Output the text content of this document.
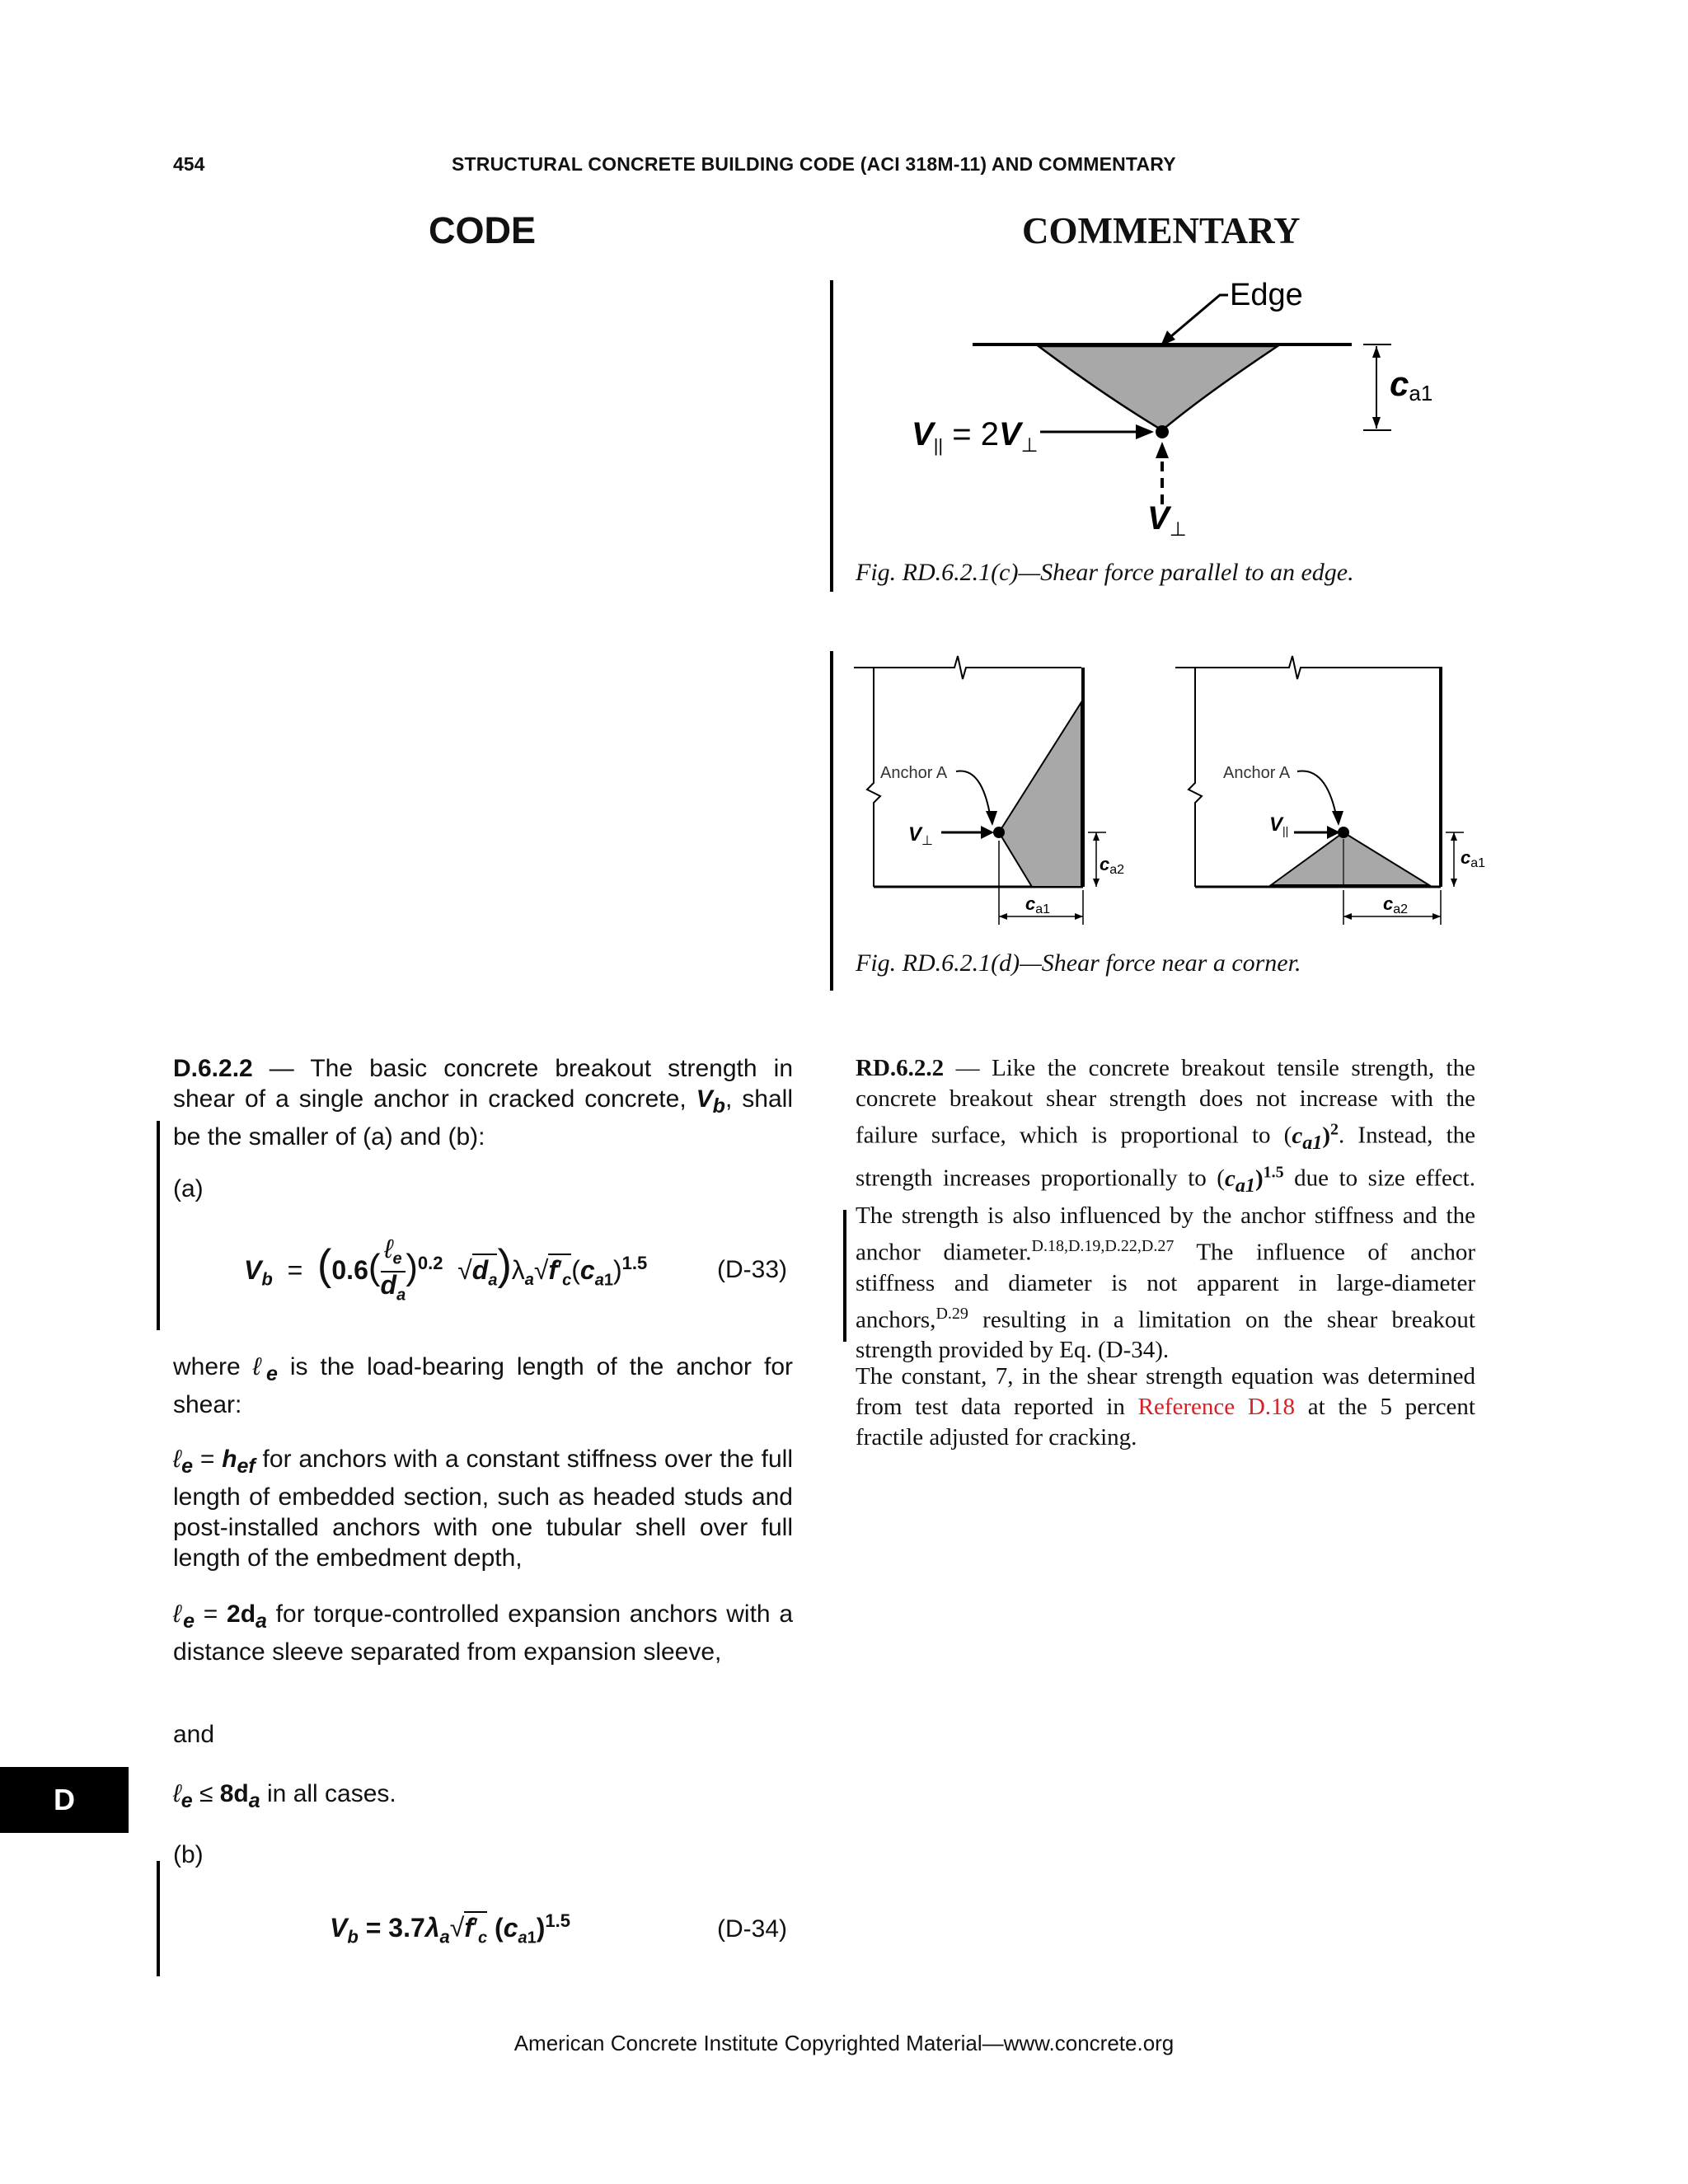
454	STRUCTURAL CONCRETE BUILDING CODE (ACI 318M-11) AND COMMENTARY
CODE	COMMENTARY
Edge
$V_{||} = 2V_\perp$
$V_\perp$
ca1
Fig. RD.6.2.1(c)—Shear force parallel to an edge.
Anchor A
$V_\perp$
ca2
ca1
Anchor A
$V_{||}$
ca1
ca2
Fig. RD.6.2.1(d)—Shear force near a corner.
D.6.2.2 — The basic concrete breakout strength in shear of a single anchor in cracked concrete, $V_b$, shall be the smaller of (a) and (b):
(a)
$V_b = (0.6$( ℓ$_e$
$d_a$
)$^{0.2}$  $√d_a)\lambda_a√f'_c(c_{a1})^{1.5}$	(D-33)
where ℓ$_e$ is the load-bearing length of the anchor for shear:
ℓ$_e$ = $h_{ef}$ for anchors with a constant stiffness over the full length of embedded section, such as headed studs and post-installed anchors with one tubular shell over full length of the embedment depth,
ℓ$_e$ = $2d_a$ for torque-controlled expansion anchors with a distance sleeve separated from expansion sleeve,
and
ℓ$_e$ ≤ $8d_a$ in all cases.
(b)
$V_b = 3.7\lambda_a√f'_c$ $(c_{a1})^{1.5}$	(D-34)
RD.6.2.2 — Like the concrete breakout tensile strength, the concrete breakout shear strength does not increase with the failure surface, which is proportional to $(c_{a1})^2$. Instead, the strength increases proportionally to $(c_{a1})^{1.5}$ due to size effect. The strength is also influenced by the anchor stiffness and the anchor diameter.$^{D.18,D.19,D.22,D.27}$ The influence of anchor stiffness and diameter is not apparent in large-diameter anchors,$^{D.29}$ resulting in a limitation on the shear breakout strength provided by Eq. (D-34).
The constant, 7, in the shear strength equation was determined from test data reported in Reference D.18 at the 5 percent fractile adjusted for cracking.
D
American Concrete Institute Copyrighted Material—www.concrete.org
